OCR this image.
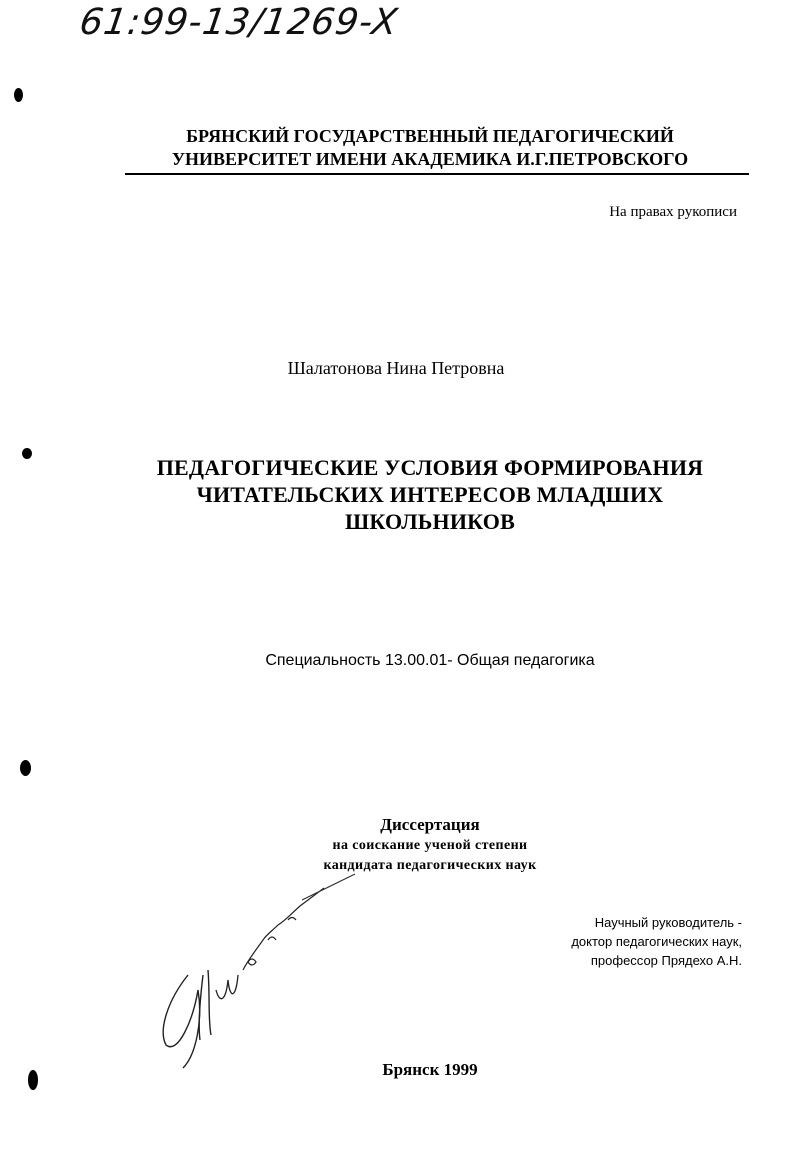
61:99-13/1269-X
БРЯНСКИЙ ГОСУДАРСТВЕННЫЙ ПЕДАГОГИЧЕСКИЙ
УНИВЕРСИТЕТ ИМЕНИ АКАДЕМИКА И.Г.ПЕТРОВСКОГО
На правах рукописи
Шалатонова Нина Петровна
ПЕДАГОГИЧЕСКИЕ УСЛОВИЯ ФОРМИРОВАНИЯ
ЧИТАТЕЛЬСКИХ ИНТЕРЕСОВ МЛАДШИХ
ШКОЛЬНИКОВ
Специальность 13.00.01- Общая педагогика
Диссертация
на соискание ученой степени
кандидата педагогических наук
Научный руководитель -
доктор педагогических наук,
профессор Прядехо А.Н.
Брянск 1999
